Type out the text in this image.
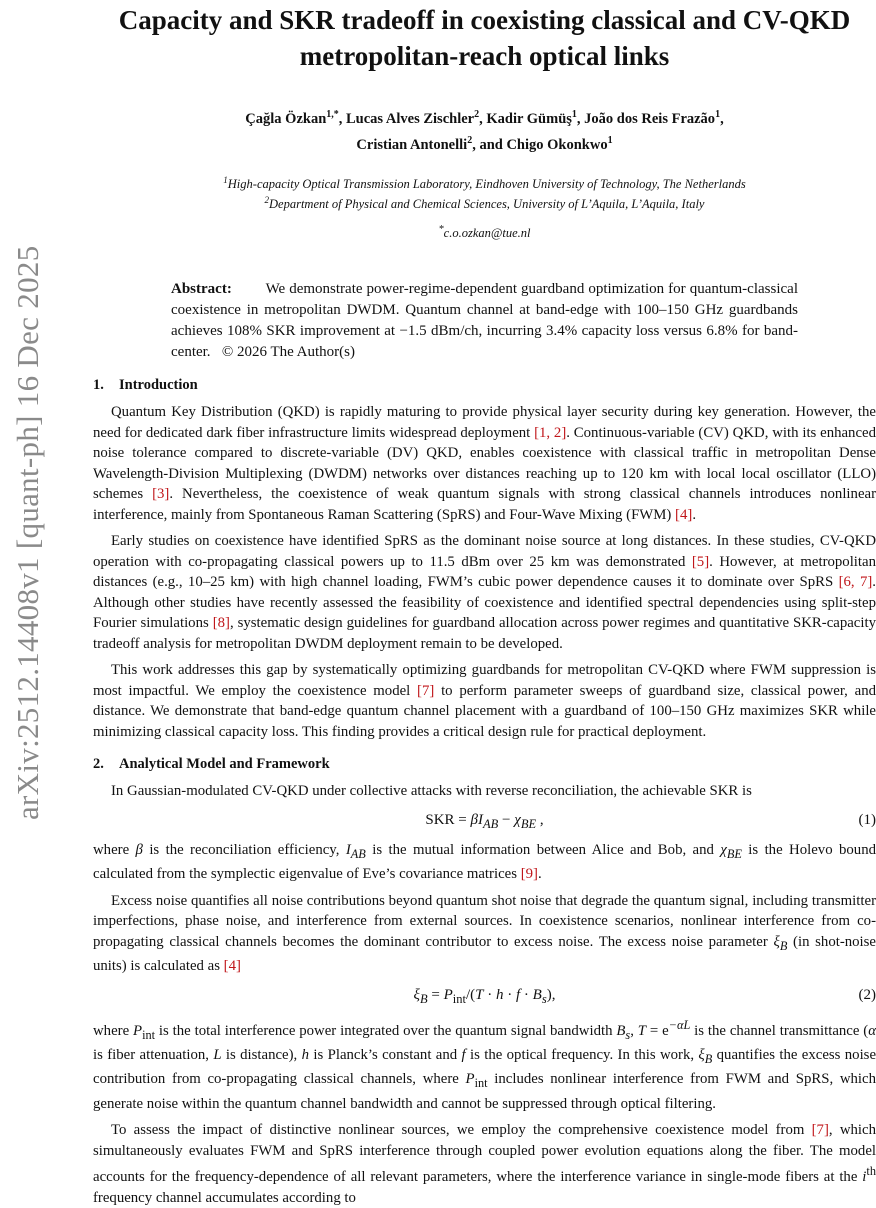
arXiv:2512.14408v1 [quant-ph] 16 Dec 2025
Capacity and SKR tradeoff in coexisting classical and CV-QKD metropolitan-reach optical links
Çağla Özkan$^{1,*}$, Lucas Alves Zischler$^2$, Kadir Gümüş$^1$, João dos Reis Frazão$^1$,
Cristian Antonelli$^2$, and Chigo Okonkwo$^1$
$^1$High-capacity Optical Transmission Laboratory, Eindhoven University of Technology, The Netherlands
$^2$Department of Physical and Chemical Sciences, University of L’Aquila, L’Aquila, Italy
*c.o.ozkan@tue.nl
Abstract: We demonstrate power-regime-dependent guardband optimization for quantum-classical coexistence in metropolitan DWDM. Quantum channel at band-edge with 100–150 GHz guardbands achieves 108% SKR improvement at −1.5 dBm/ch, incurring 3.4% capacity loss versus 6.8% for band-center. © 2026 The Author(s)
1. Introduction

Quantum Key Distribution (QKD) is rapidly maturing to provide physical layer security during key generation. However, the need for dedicated dark fiber infrastructure limits widespread deployment [1, 2]. Continuous-variable (CV) QKD, with its enhanced noise tolerance compared to discrete-variable (DV) QKD, enables coexistence with classical traffic in metropolitan Dense Wavelength-Division Multiplexing (DWDM) networks over distances reaching up to 120 km with local local oscillator (LLO) schemes [3]. Nevertheless, the coexistence of weak quantum signals with strong classical channels introduces nonlinear interference, mainly from Spontaneous Raman Scattering (SpRS) and Four-Wave Mixing (FWM) [4].

Early studies on coexistence have identified SpRS as the dominant noise source at long distances. In these studies, CV-QKD operation with co-propagating classical powers up to 11.5 dBm over 25 km was demonstrated [5]. However, at metropolitan distances (e.g., 10–25 km) with high channel loading, FWM’s cubic power dependence causes it to dominate over SpRS [6, 7]. Although other studies have recently assessed the feasibility of coexistence and identified spectral dependencies using split-step Fourier simulations [8], systematic design guidelines for guardband allocation across power regimes and quantitative SKR-capacity tradeoff analysis for metropolitan DWDM deployment remain to be developed.

This work addresses this gap by systematically optimizing guardbands for metropolitan CV-QKD where FWM suppression is most impactful. We employ the coexistence model [7] to perform parameter sweeps of guardband size, classical power, and distance. We demonstrate that band-edge quantum channel placement with a guardband of 100–150 GHz maximizes SKR while minimizing classical capacity loss. This finding provides a critical design rule for practical deployment.

2. Analytical Model and Framework

In Gaussian-modulated CV-QKD under collective attacks with reverse reconciliation, the achievable SKR is

SKR = $\beta I_{AB} - \chi_{BE}$ ,	(1)

where β is the reconciliation efficiency, $I_{AB}$ is the mutual information between Alice and Bob, and $\chi_{BE}$ is the Holevo bound calculated from the symplectic eigenvalue of Eve’s covariance matrices [9].

Excess noise quantifies all noise contributions beyond quantum shot noise that degrade the quantum signal, including transmitter imperfections, phase noise, and interference from external sources. In coexistence scenarios, nonlinear interference from co-propagating classical channels becomes the dominant contributor to excess noise. The excess noise parameter $\xi_B$ (in shot-noise units) is calculated as [4]

$\xi_B = P_{int}/(T \cdot h \cdot f \cdot B_s)$,	(2)

where $P_{int}$ is the total interference power integrated over the quantum signal bandwidth $B_s$, $T = e^{-\alpha L}$ is the channel transmittance (α is fiber attenuation, L is distance), h is Planck’s constant and f is the optical frequency. In this work, $\xi_B$ quantifies the excess noise contribution from co-propagating classical channels, where $P_{int}$ includes nonlinear interference from FWM and SpRS, which generate noise within the quantum channel bandwidth and cannot be suppressed through optical filtering.

To assess the impact of distinctive nonlinear sources, we employ the comprehensive coexistence model from [7], which simultaneously evaluates FWM and SpRS interference through coupled power evolution equations along the fiber. The model accounts for the frequency-dependence of all relevant parameters, where the interference variance in single-mode fibers at the $i^{th}$ frequency channel accumulates according to
